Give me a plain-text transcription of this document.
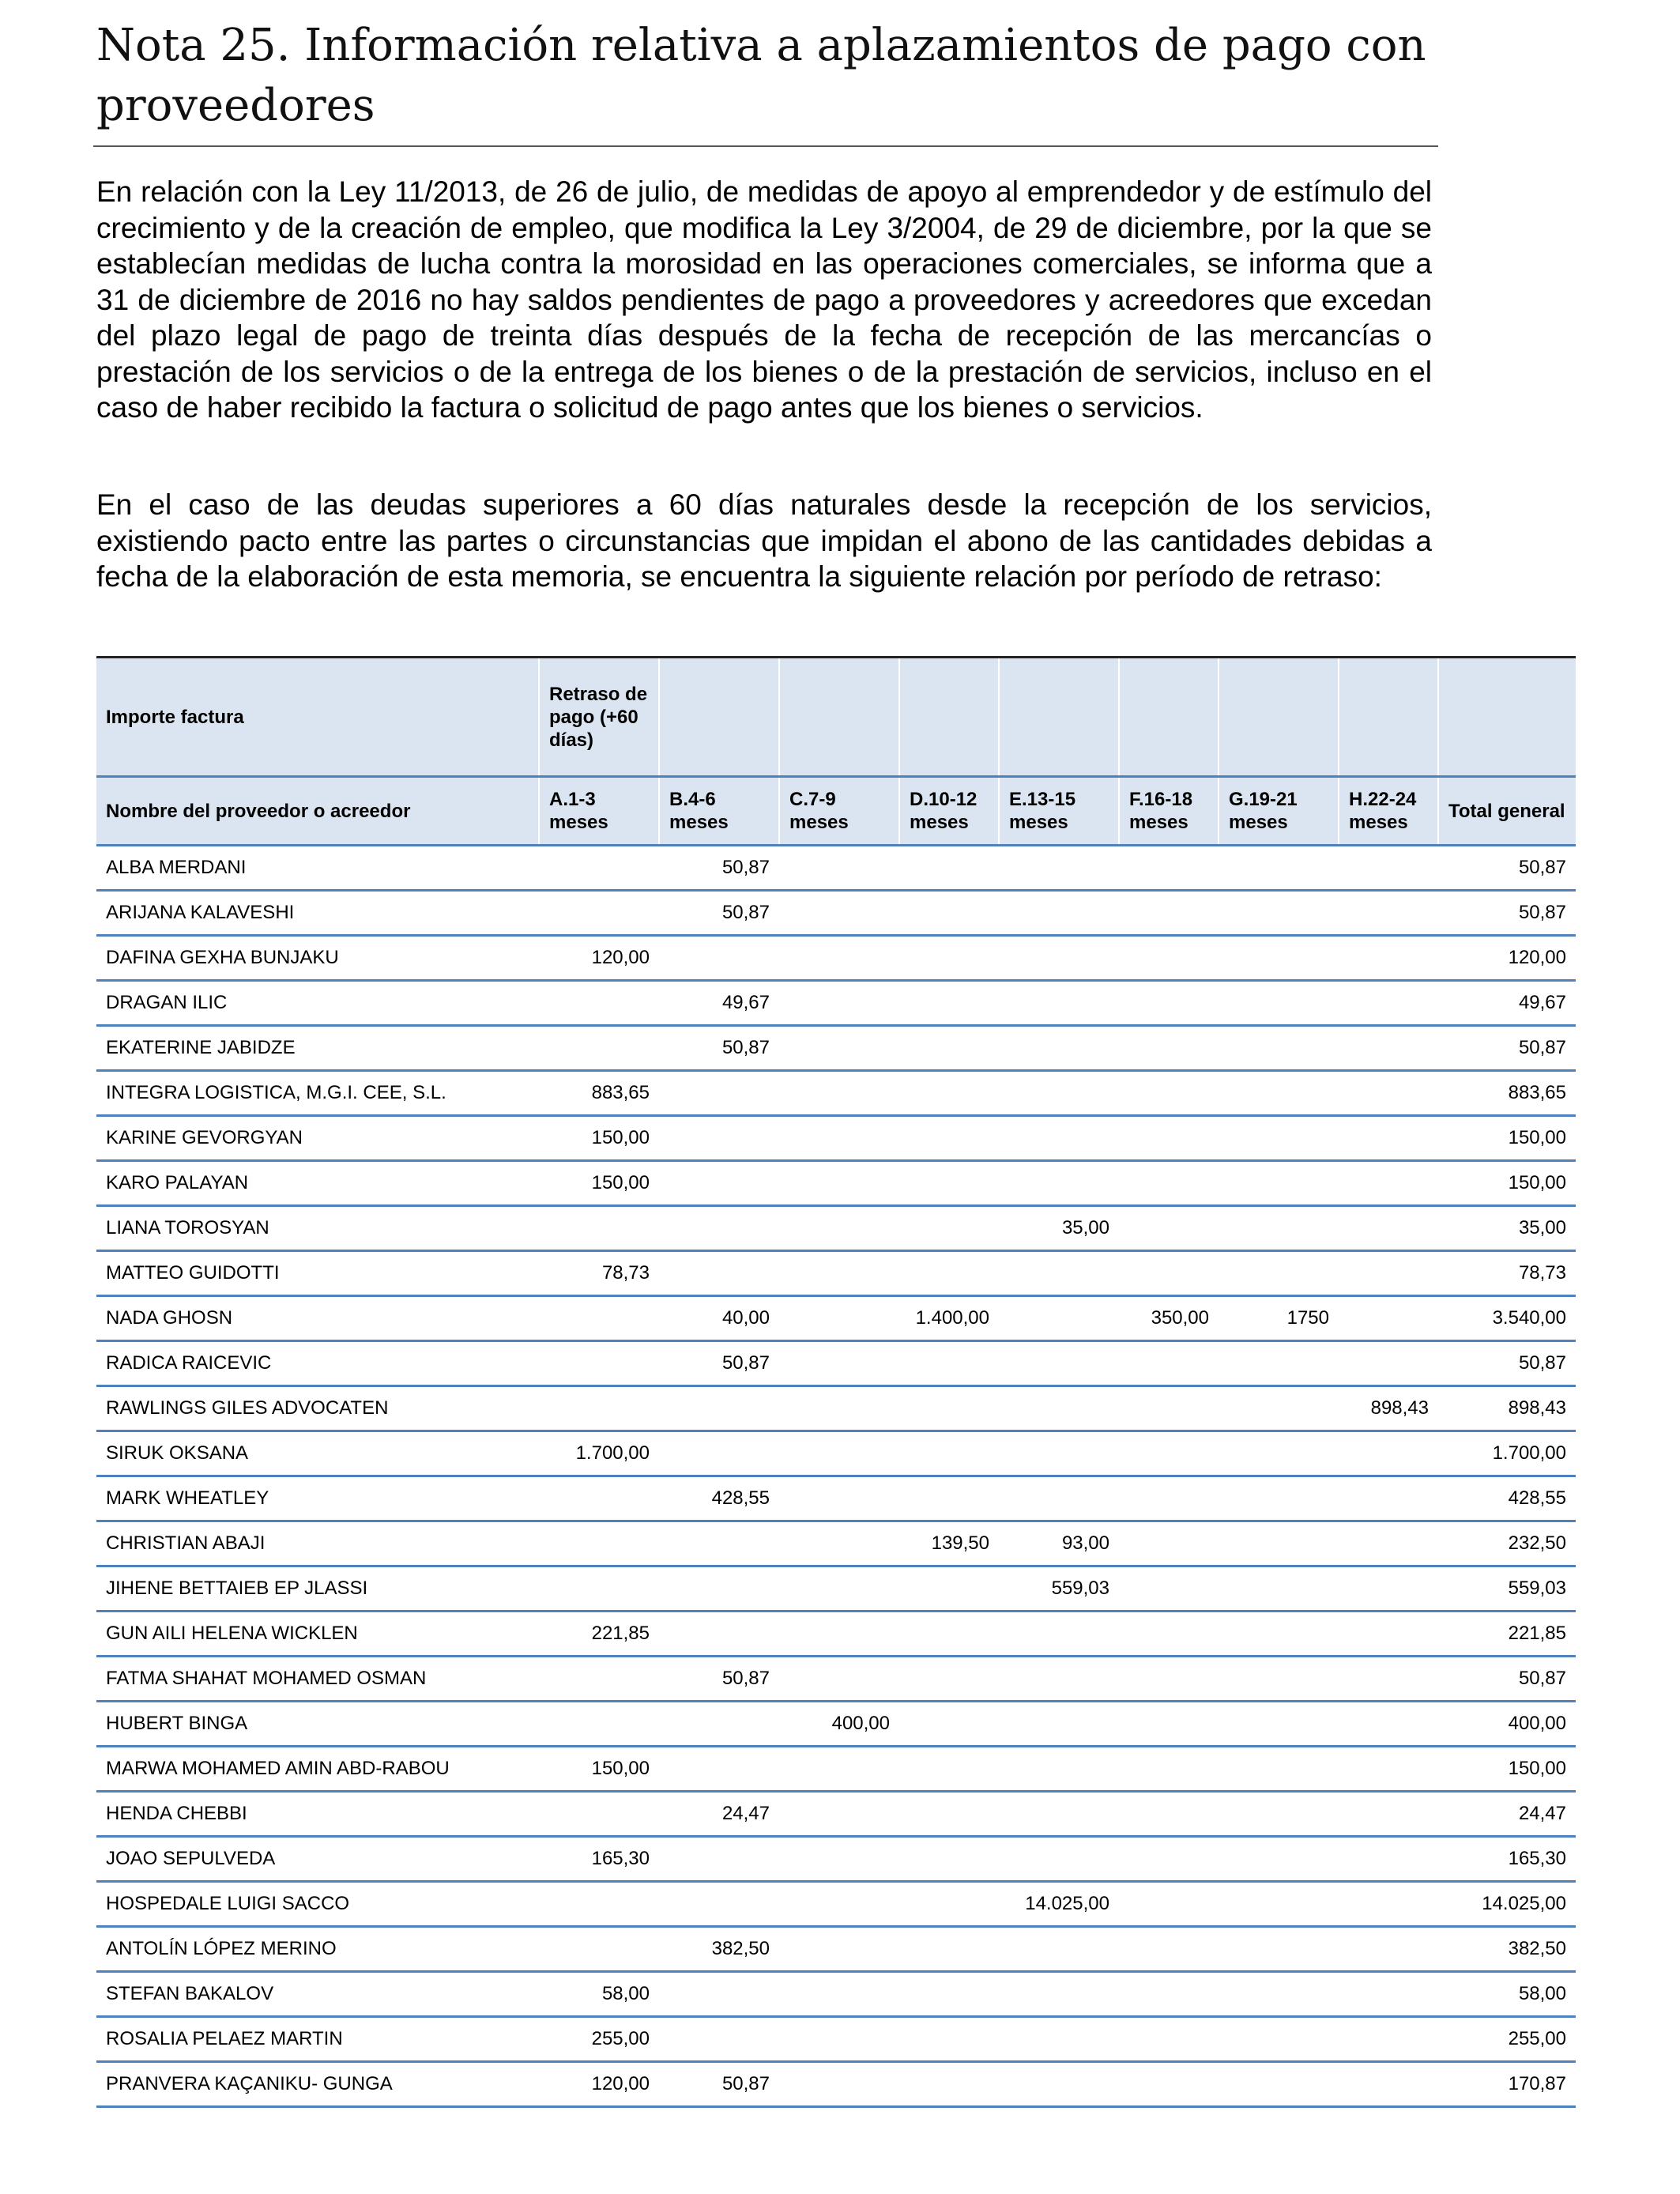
Nota 25. Información relativa a aplazamientos de pago con proveedores

En relación con la Ley 11/2013, de 26 de julio, de medidas de apoyo al emprendedor y de estímulo del crecimiento y de la creación de empleo, que modifica la Ley 3/2004, de 29 de diciembre, por la que se establecían medidas de lucha contra la morosidad en las operaciones comerciales, se informa que a 31 de diciembre de 2016 no hay saldos pendientes de pago a proveedores y acreedores que excedan del plazo legal de pago de treinta días después de la fecha de recepción de las mercancías o prestación de los servicios o de la entrega de los bienes o de la prestación de servicios, incluso en el caso de haber recibido la factura o solicitud de pago antes que los bienes o servicios.

En el caso de las deudas superiores a 60 días naturales desde la recepción de los servicios, existiendo pacto entre las partes o circunstancias que impidan el abono de las cantidades debidas a fecha de la elaboración de esta memoria, se encuentra la siguiente relación por período de retraso:

Importe factura	Retraso de pago (+60 días)								
Nombre del proveedor o acreedor	A.1-3 meses	B.4-6 meses	C.7-9 meses	D.10-12 meses	E.13-15 meses	F.16-18 meses	G.19-21 meses	H.22-24 meses	Total general
ALBA MERDANI		50,87							50,87
ARIJANA KALAVESHI		50,87							50,87
DAFINA GEXHA BUNJAKU	120,00								120,00
DRAGAN ILIC		49,67							49,67
EKATERINE JABIDZE		50,87							50,87
INTEGRA LOGISTICA, M.G.I. CEE, S.L.	883,65								883,65
KARINE GEVORGYAN	150,00								150,00
KARO PALAYAN	150,00								150,00
LIANA TOROSYAN					35,00				35,00
MATTEO GUIDOTTI	78,73								78,73
NADA GHOSN		40,00		1.400,00		350,00	1750		3.540,00
RADICA RAICEVIC		50,87							50,87
RAWLINGS GILES ADVOCATEN								898,43	898,43
SIRUK OKSANA	1.700,00								1.700,00
MARK WHEATLEY		428,55							428,55
CHRISTIAN ABAJI				139,50	93,00				232,50
JIHENE BETTAIEB EP JLASSI					559,03				559,03
GUN AILI HELENA WICKLEN	221,85								221,85
FATMA SHAHAT MOHAMED OSMAN		50,87							50,87
HUBERT BINGA			400,00						400,00
MARWA MOHAMED AMIN ABD-RABOU	150,00								150,00
HENDA CHEBBI		24,47							24,47
JOAO SEPULVEDA	165,30								165,30
HOSPEDALE LUIGI SACCO					14.025,00				14.025,00
ANTOLÍN LÓPEZ MERINO		382,50							382,50
STEFAN BAKALOV	58,00								58,00
ROSALIA PELAEZ MARTIN	255,00								255,00
PRANVERA KAÇANIKU- GUNGA	120,00	50,87							170,87
